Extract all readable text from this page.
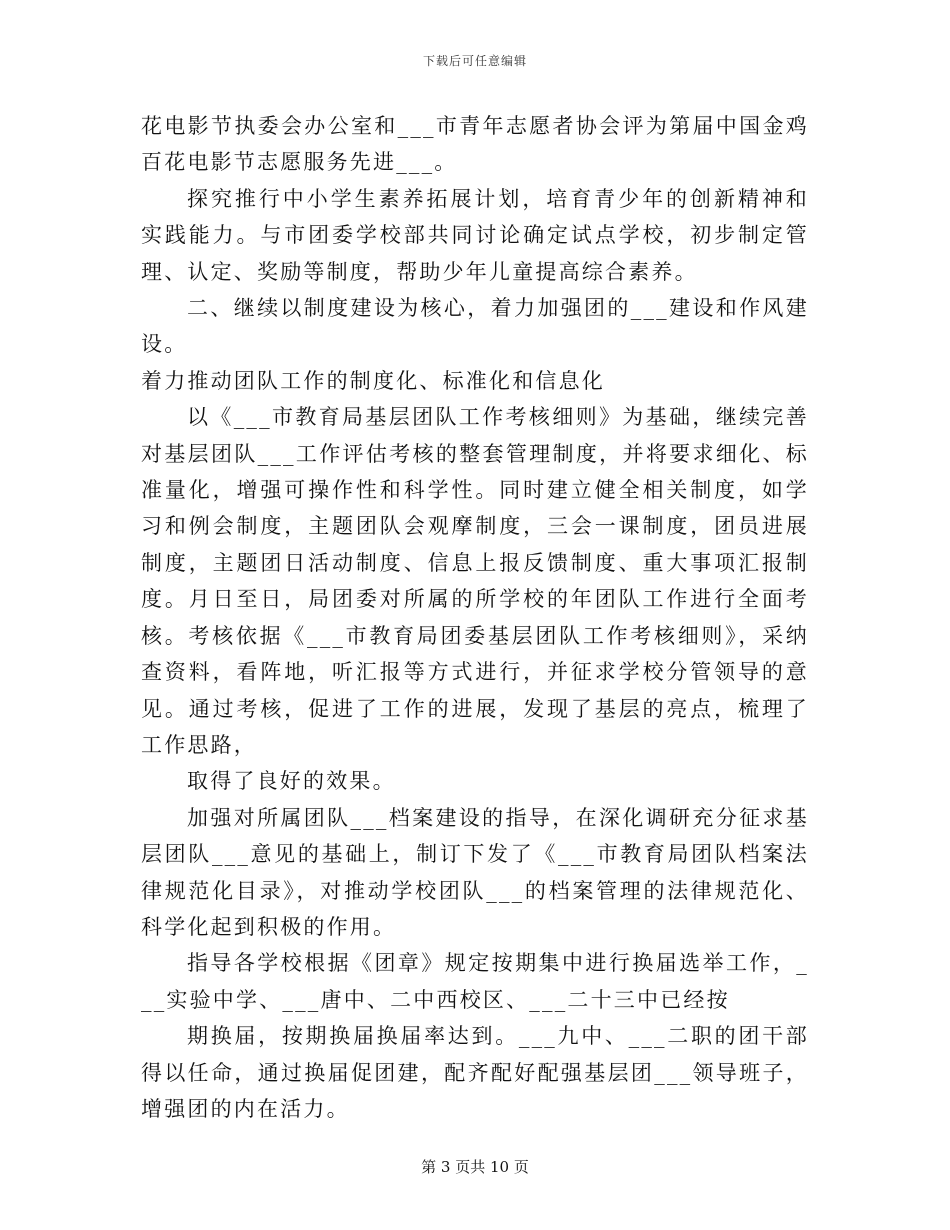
下载后可任意编辑

花电影节执委会办公室和___市青年志愿者协会评为第届中国金鸡百花电影节志愿服务先进___。

探究推行中小学生素养拓展计划，培育青少年的创新精神和实践能力。与市团委学校部共同讨论确定试点学校，初步制定管理、认定、奖励等制度，帮助少年儿童提高综合素养。

二、继续以制度建设为核心，着力加强团的___建设和作风建设。

着力推动团队工作的制度化、标准化和信息化

以《___市教育局基层团队工作考核细则》为基础，继续完善对基层团队___工作评估考核的整套管理制度，并将要求细化、标准量化，增强可操作性和科学性。同时建立健全相关制度，如学习和例会制度，主题团队会观摩制度，三会一课制度，团员进展制度，主题团日活动制度、信息上报反馈制度、重大事项汇报制度。月日至日，局团委对所属的所学校的年团队工作进行全面考核。考核依据《___市教育局团委基层团队工作考核细则》，采纳查资料，看阵地，听汇报等方式进行，并征求学校分管领导的意见。通过考核，促进了工作的进展，发现了基层的亮点，梳理了工作思路，

取得了良好的效果。

加强对所属团队___档案建设的指导，在深化调研充分征求基层团队___意见的基础上，制订下发了《___市教育局团队档案法律规范化目录》，对推动学校团队___的档案管理的法律规范化、科学化起到积极的作用。

指导各学校根据《团章》规定按期集中进行换届选举工作，___实验中学、___唐中、二中西校区、___二十三中已经按

期换届，按期换届换届率达到。___九中、___二职的团干部得以任命，通过换届促团建，配齐配好配强基层团___领导班子，增强团的内在活力。

第 3 页共 10 页
